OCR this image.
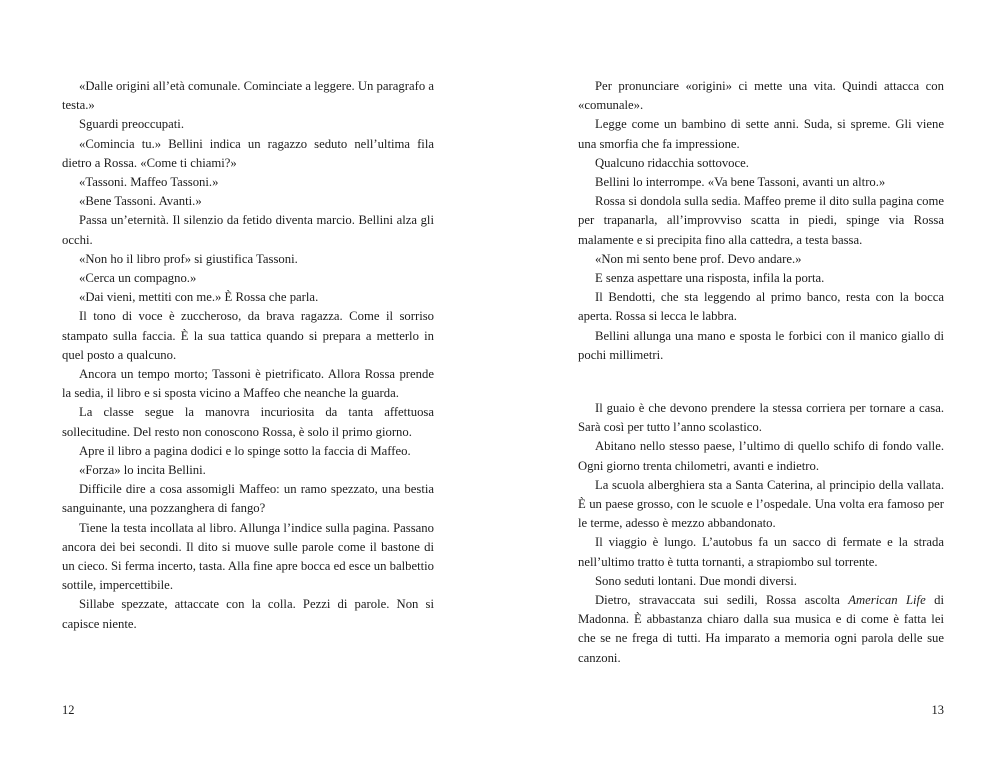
«Dalle origini all’età comunale. Cominciate a leggere. Un paragrafo a testa.»

Sguardi preoccupati.

«Comincia tu.» Bellini indica un ragazzo seduto nell’ultima fila dietro a Rossa. «Come ti chiami?»

«Tassoni. Maffeo Tassoni.»

«Bene Tassoni. Avanti.»

Passa un’eternità. Il silenzio da fetido diventa marcio. Bellini alza gli occhi.

«Non ho il libro prof» si giustifica Tassoni.

«Cerca un compagno.»

«Dai vieni, mettiti con me.» È Rossa che parla.

Il tono di voce è zuccheroso, da brava ragazza. Come il sorriso stampato sulla faccia. È la sua tattica quando si prepara a metterlo in quel posto a qualcuno.

Ancora un tempo morto; Tassoni è pietrificato. Allora Rossa prende la sedia, il libro e si sposta vicino a Maffeo che neanche la guarda.

La classe segue la manovra incuriosita da tanta affettuosa sollecitudine. Del resto non conoscono Rossa, è solo il primo giorno.

Apre il libro a pagina dodici e lo spinge sotto la faccia di Maffeo.

«Forza» lo incita Bellini.

Difficile dire a cosa assomigli Maffeo: un ramo spezzato, una bestia sanguinante, una pozzanghera di fango?

Tiene la testa incollata al libro. Allunga l’indice sulla pagina. Passano ancora dei bei secondi. Il dito si muove sulle parole come il bastone di un cieco. Si ferma incerto, tasta. Alla fine apre bocca ed esce un balbettio sottile, impercettibile.

Sillabe spezzate, attaccate con la colla. Pezzi di parole. Non si capisce niente.

12

Per pronunciare «origini» ci mette una vita. Quindi attacca con «comunale».

Legge come un bambino di sette anni. Suda, si spreme. Gli viene una smorfia che fa impressione.

Qualcuno ridacchia sottovoce.

Bellini lo interrompe. «Va bene Tassoni, avanti un altro.»

Rossa si dondola sulla sedia. Maffeo preme il dito sulla pagina come per trapanarla, all’improvviso scatta in piedi, spinge via Rossa malamente e si precipita fino alla cattedra, a testa bassa.

«Non mi sento bene prof. Devo andare.»

E senza aspettare una risposta, infila la porta.

Il Bendotti, che sta leggendo al primo banco, resta con la bocca aperta. Rossa si lecca le labbra.

Bellini allunga una mano e sposta le forbici con il manico giallo di pochi millimetri.

Il guaio è che devono prendere la stessa corriera per tornare a casa. Sarà così per tutto l’anno scolastico.

Abitano nello stesso paese, l’ultimo di quello schifo di fondo valle. Ogni giorno trenta chilometri, avanti e indietro.

La scuola alberghiera sta a Santa Caterina, al principio della vallata. È un paese grosso, con le scuole e l’ospedale. Una volta era famoso per le terme, adesso è mezzo abbandonato.

Il viaggio è lungo. L’autobus fa un sacco di fermate e la strada nell’ultimo tratto è tutta tornanti, a strapiombo sul torrente.

Sono seduti lontani. Due mondi diversi.

Dietro, stravaccata sui sedili, Rossa ascolta American Life di Madonna. È abbastanza chiaro dalla sua musica e di come è fatta lei che se ne frega di tutti. Ha imparato a memoria ogni parola delle sue canzoni.

13
